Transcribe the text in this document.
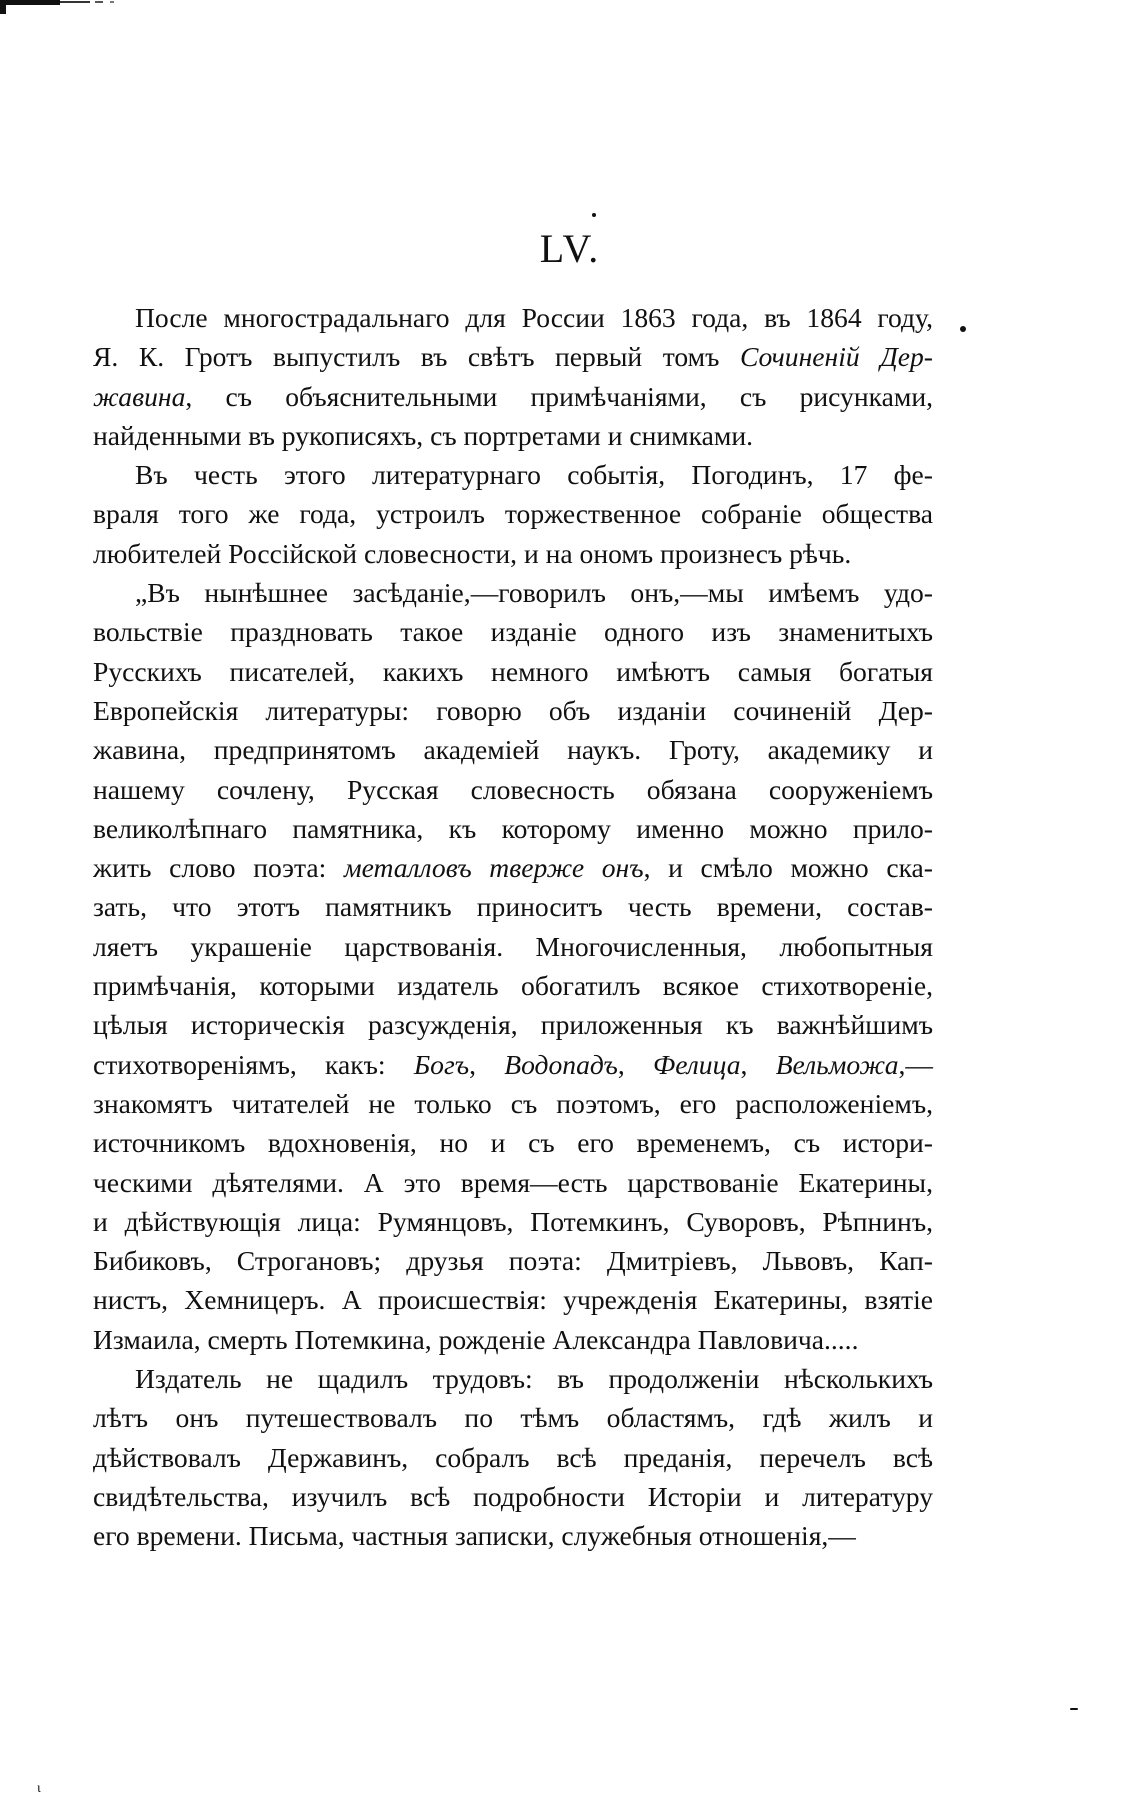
LV.
После многострадальнаго для России 1863 года, въ 1864 году,
Я. К. Гротъ выпустилъ въ свѣтъ первый томъ Сочиненій Дер-
жавина, съ объяснительными примѣчаніями, съ рисунками,
найденными въ рукописяхъ, съ портретами и снимками.
Въ честь этого литературнаго событія, Погодинъ, 17 фе-
враля того же года, устроилъ торжественное собраніе общества
любителей Россійской словесности, и на ономъ произнесъ рѣчь.
„Въ нынѣшнее засѣданіе,—говорилъ онъ,—мы имѣемъ удо-
вольствіе праздновать такое изданіе одного изъ знаменитыхъ
Русскихъ писателей, какихъ немного имѣютъ самыя богатыя
Европейскія литературы: говорю объ изданіи сочиненій Дер-
жавина, предпринятомъ академіей наукъ. Гроту, академику и
нашему сочлену, Русская словесность обязана сооруженіемъ
великолѣпнаго памятника, къ которому именно можно прило-
жить слово поэта: металловъ тверже онъ, и смѣло можно ска-
зать, что этотъ памятникъ приноситъ честь времени, состав-
ляетъ украшеніе царствованія. Многочисленныя, любопытныя
примѣчанія, которыми издатель обогатилъ всякое стихотвореніе,
цѣлыя историческія разсужденія, приложенныя къ важнѣйшимъ
стихотвореніямъ, какъ: Богъ, Водопадъ, Фелица, Вельможа,—
знакомятъ читателей не только съ поэтомъ, его расположеніемъ,
источникомъ вдохновенія, но и съ его временемъ, съ истори-
ческими дѣятелями. А это время—есть царствованіе Екатерины,
и дѣйствующія лица: Румянцовъ, Потемкинъ, Суворовъ, Рѣпнинъ,
Бибиковъ, Строгановъ; друзья поэта: Дмитріевъ, Львовъ, Кап-
нистъ, Хемницеръ. А происшествія: учрежденія Екатерины, взятіе
Измаила, смерть Потемкина, рожденіе Александра Павловича.....
Издатель не щадилъ трудовъ: въ продолженіи нѣсколькихъ
лѣтъ онъ путешествовалъ по тѣмъ областямъ, гдѣ жилъ и
дѣйствовалъ Державинъ, собралъ всѣ преданія, перечелъ всѣ
свидѣтельства, изучилъ всѣ подробности Исторіи и литературу
его времени. Письма, частныя записки, служебныя отношенія,—
ι
